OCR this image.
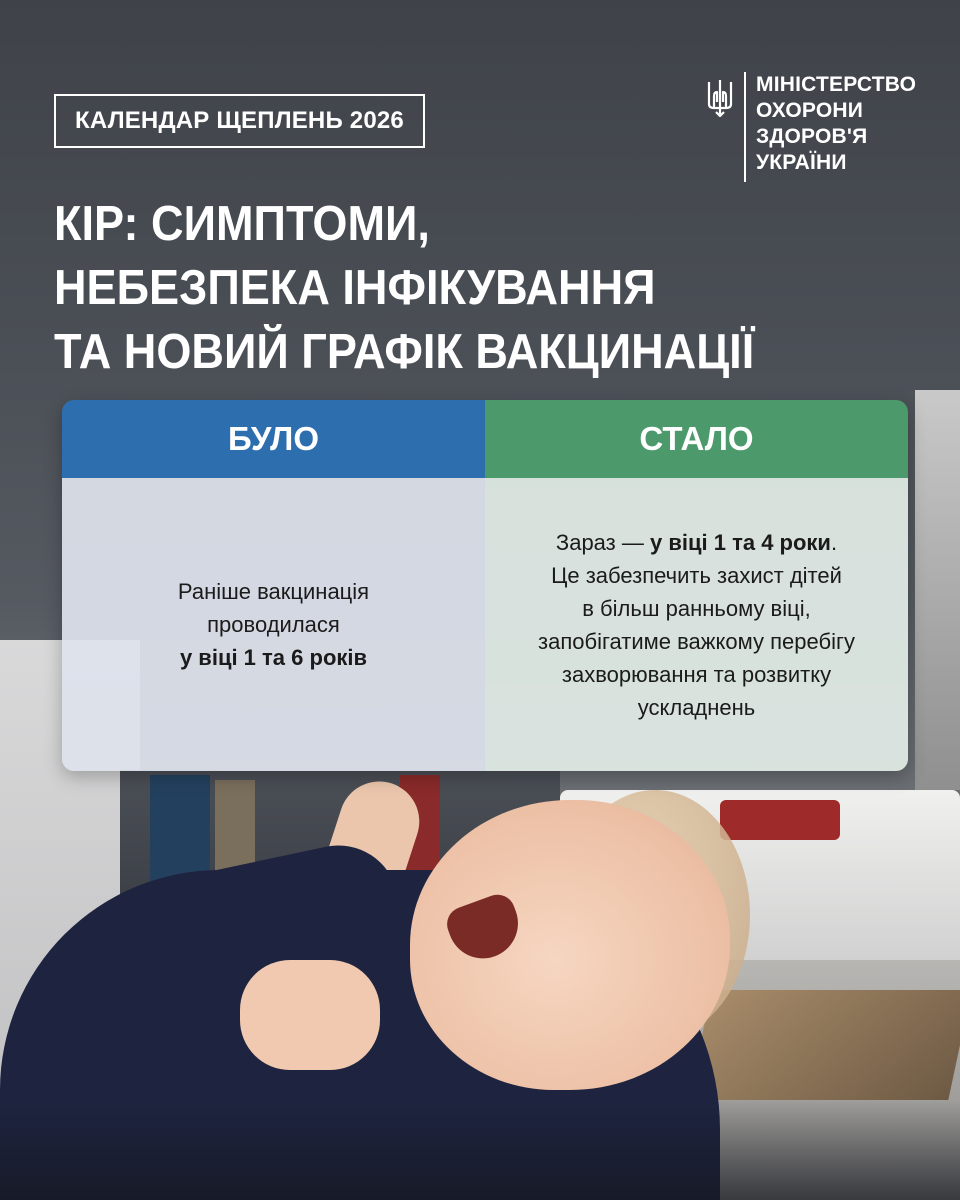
КАЛЕНДАР ЩЕПЛЕНЬ 2026
МІНІСТЕРСТВО
ОХОРОНИ
ЗДОРОВ'Я
УКРАЇНИ
КІР: СИМПТОМИ,
НЕБЕЗПЕКА ІНФІКУВАННЯ
ТА НОВИЙ ГРАФІК ВАКЦИНАЦІЇ
БУЛО
Раніше вакцинація
проводилася
у віці 1 та 6 років
СТАЛО
Зараз — у віці 1 та 4 роки.
Це забезпечить захист дітей
в більш ранньому віці,
запобігатиме важкому перебігу
захворювання та розвитку
ускладнень
